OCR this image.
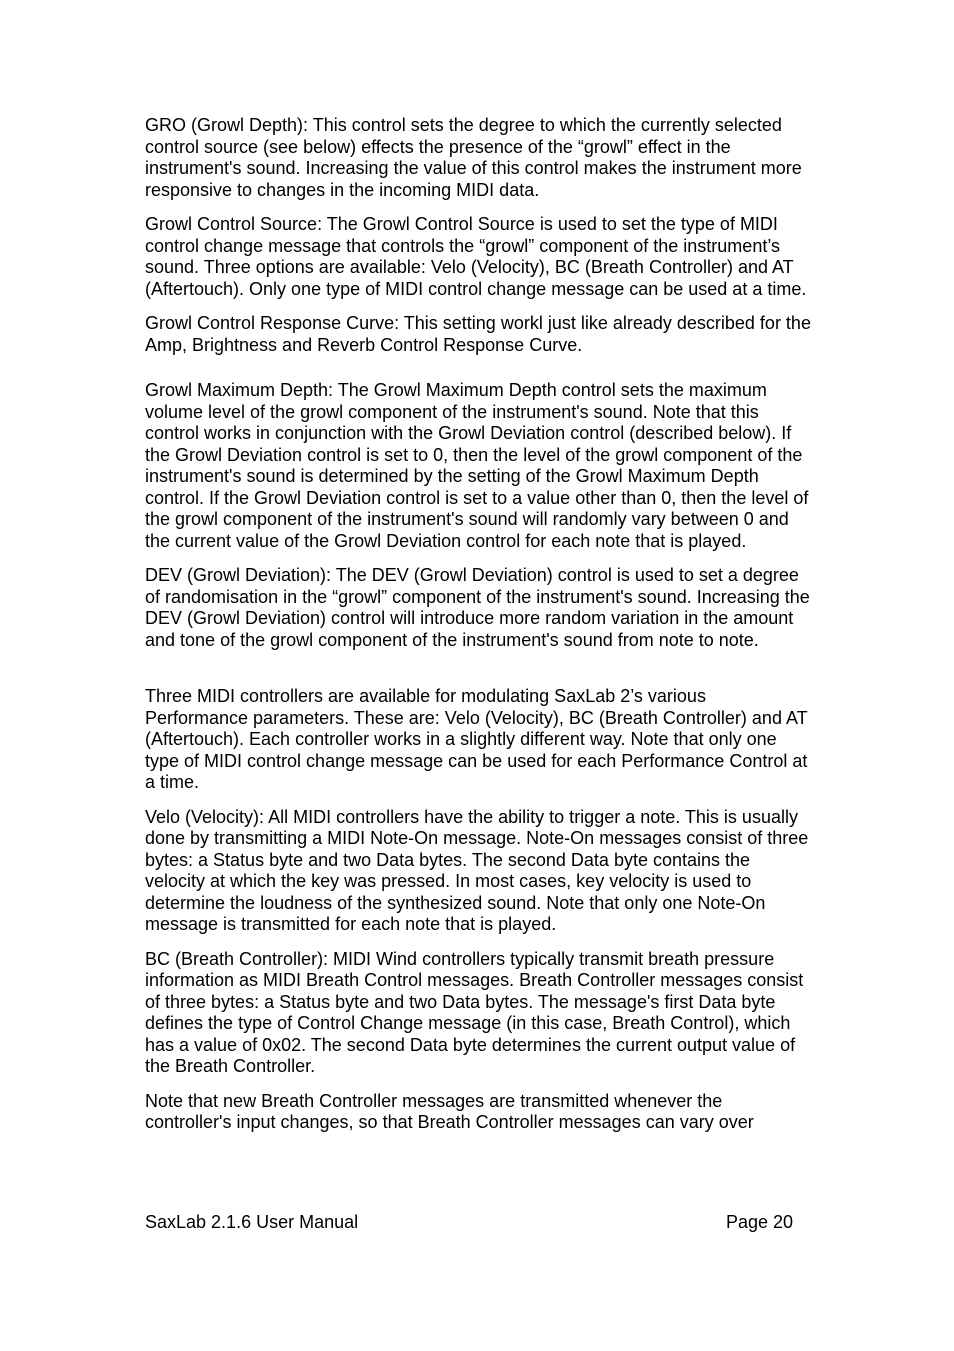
GRO (Growl Depth): This control sets the degree to which the currently selected control source (see below) effects the presence of the “growl” effect in the instrument's sound. Increasing the value of this control makes the instrument more responsive to changes in the incoming MIDI data.

Growl Control Source: The Growl Control Source is used to set the type of MIDI control change message that controls the “growl” component of the instrument’s sound. Three options are available: Velo (Velocity), BC (Breath Controller) and AT (Aftertouch). Only one type of MIDI control change message can be used at a time.

Growl Control Response Curve: This setting workl just like already described for the Amp, Brightness and Reverb Control Response Curve.

Growl Maximum Depth: The Growl Maximum Depth control sets the maximum volume level of the growl component of the instrument's sound. Note that this control works in conjunction with the Growl Deviation control (described below). If the Growl Deviation control is set to 0, then the level of the growl component of the instrument's sound is determined by the setting of the Growl Maximum Depth control. If the Growl Deviation control is set to a value other than 0, then the level of the growl component of the instrument's sound will randomly vary between 0 and the current value of the Growl Deviation control for each note that is played.

DEV (Growl Deviation): The DEV (Growl Deviation) control is used to set a degree of randomisation in the “growl” component of the instrument's sound. Increasing the DEV (Growl Deviation) control will introduce more random variation in the amount and tone of the growl component of the instrument's sound from note to note.

Three MIDI controllers are available for modulating SaxLab 2’s various Performance parameters. These are: Velo (Velocity), BC (Breath Controller) and AT (Aftertouch). Each controller works in a slightly different way. Note that only one type of MIDI control change message can be used for each Performance Control at a time.

Velo (Velocity): All MIDI controllers have the ability to trigger a note. This is usually done by transmitting a MIDI Note-On message. Note-On messages consist of three bytes: a Status byte and two Data bytes. The second Data byte contains the velocity at which the key was pressed. In most cases, key velocity is used to determine the loudness of the synthesized sound. Note that only one Note-On message is transmitted for each note that is played.

BC (Breath Controller): MIDI Wind controllers typically transmit breath pressure information as MIDI Breath Control messages. Breath Controller messages consist of three bytes: a Status byte and two Data bytes. The message's first Data byte defines the type of Control Change message (in this case, Breath Control), which has a value of 0x02. The second Data byte determines the current output value of the Breath Controller.

Note that new Breath Controller messages are transmitted whenever the controller's input changes, so that Breath Controller messages can vary over

SaxLab 2.1.6 User Manual	Page 20
